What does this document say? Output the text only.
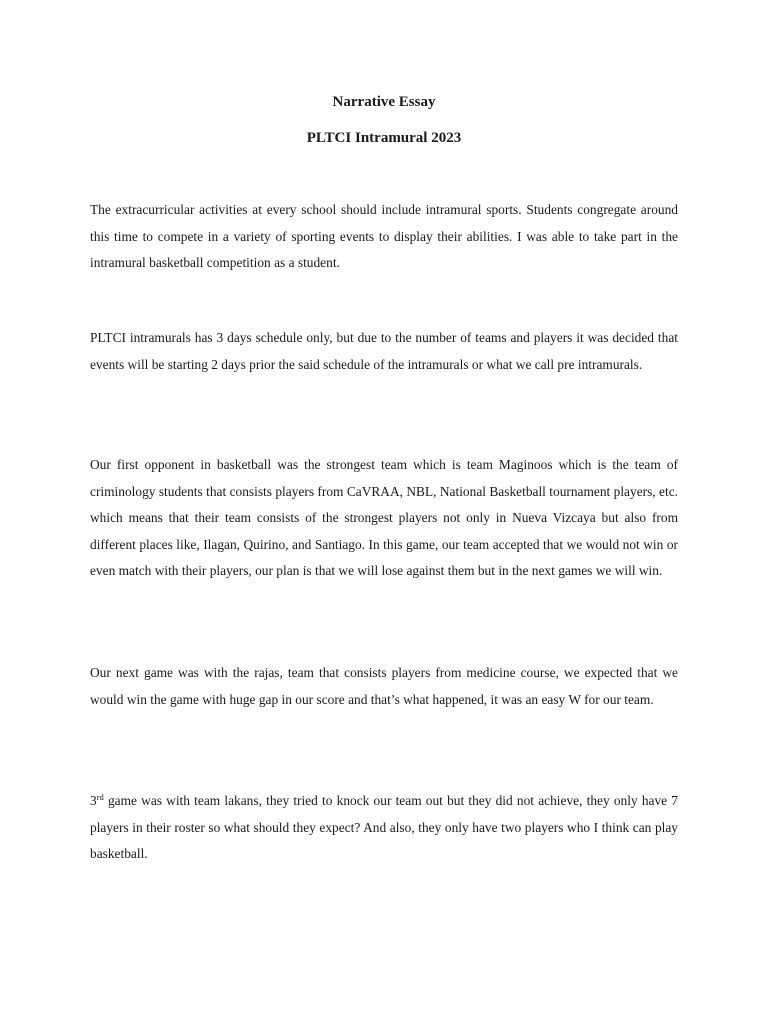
Narrative Essay
PLTCI Intramural 2023

The extracurricular activities at every school should include intramural sports. Students congregate around this time to compete in a variety of sporting events to display their abilities. I was able to take part in the intramural basketball competition as a student.

PLTCI intramurals has 3 days schedule only, but due to the number of teams and players it was decided that events will be starting 2 days prior the said schedule of the intramurals or what we call pre intramurals.

Our first opponent in basketball was the strongest team which is team Maginoos which is the team of criminology students that consists players from CaVRAA, NBL, National Basketball tournament players, etc. which means that their team consists of the strongest players not only in Nueva Vizcaya but also from different places like, Ilagan, Quirino, and Santiago. In this game, our team accepted that we would not win or even match with their players, our plan is that we will lose against them but in the next games we will win.

Our next game was with the rajas, team that consists players from medicine course, we expected that we would win the game with huge gap in our score and that’s what happened, it was an easy W for our team.

3rd game was with team lakans, they tried to knock our team out but they did not achieve, they only have 7 players in their roster so what should they expect? And also, they only have two players who I think can play basketball.
